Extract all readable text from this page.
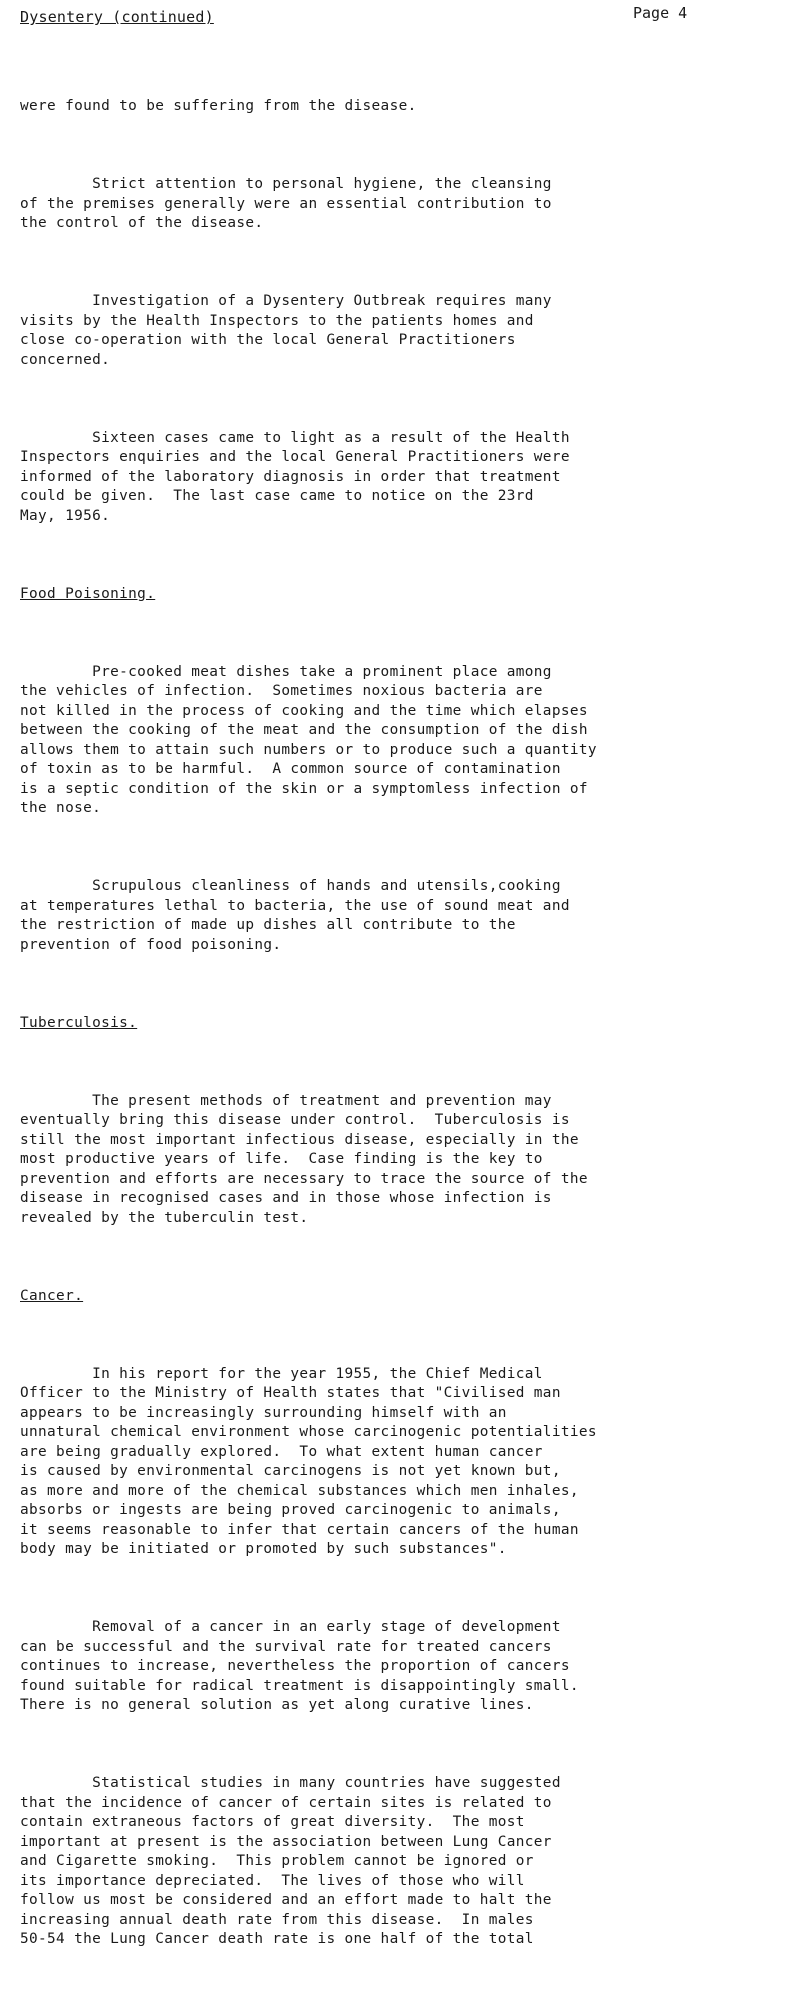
Dysentery (continued)	Page 4

were found to be suffering from the disease.

Strict attention to personal hygiene, the cleansing
of the premises generally were an essential contribution to
the control of the disease.

Investigation of a Dysentery Outbreak requires many
visits by the Health Inspectors to the patients homes and
close co-operation with the local General Practitioners
concerned.

Sixteen cases came to light as a result of the Health
Inspectors enquiries and the local General Practitioners were
informed of the laboratory diagnosis in order that treatment
could be given.  The last case came to notice on the 23rd
May, 1956.

Food Poisoning.

Pre-cooked meat dishes take a prominent place among
the vehicles of infection.  Sometimes noxious bacteria are
not killed in the process of cooking and the time which elapses
between the cooking of the meat and the consumption of the dish
allows them to attain such numbers or to produce such a quantity
of toxin as to be harmful.  A common source of contamination
is a septic condition of the skin or a symptomless infection of
the nose.

Scrupulous cleanliness of hands and utensils,cooking
at temperatures lethal to bacteria, the use of sound meat and
the restriction of made up dishes all contribute to the
prevention of food poisoning.

Tuberculosis.

The present methods of treatment and prevention may
eventually bring this disease under control.  Tuberculosis is
still the most important infectious disease, especially in the
most productive years of life.  Case finding is the key to
prevention and efforts are necessary to trace the source of the
disease in recognised cases and in those whose infection is
revealed by the tuberculin test.

Cancer.

In his report for the year 1955, the Chief Medical
Officer to the Ministry of Health states that "Civilised man
appears to be increasingly surrounding himself with an
unnatural chemical environment whose carcinogenic potentialities
are being gradually explored.  To what extent human cancer
is caused by environmental carcinogens is not yet known but,
as more and more of the chemical substances which men inhales,
absorbs or ingests are being proved carcinogenic to animals,
it seems reasonable to infer that certain cancers of the human
body may be initiated or promoted by such substances".

Removal of a cancer in an early stage of development
can be successful and the survival rate for treated cancers
continues to increase, nevertheless the proportion of cancers
found suitable for radical treatment is disappointingly small.
There is no general solution as yet along curative lines.

Statistical studies in many countries have suggested
that the incidence of cancer of certain sites is related to
contain extraneous factors of great diversity.  The most
important at present is the association between Lung Cancer
and Cigarette smoking.  This problem cannot be ignored or
its importance depreciated.  The lives of those who will
follow us most be considered and an effort made to halt the
increasing annual death rate from this disease.  In males
50-54 the Lung Cancer death rate is one half of the total
